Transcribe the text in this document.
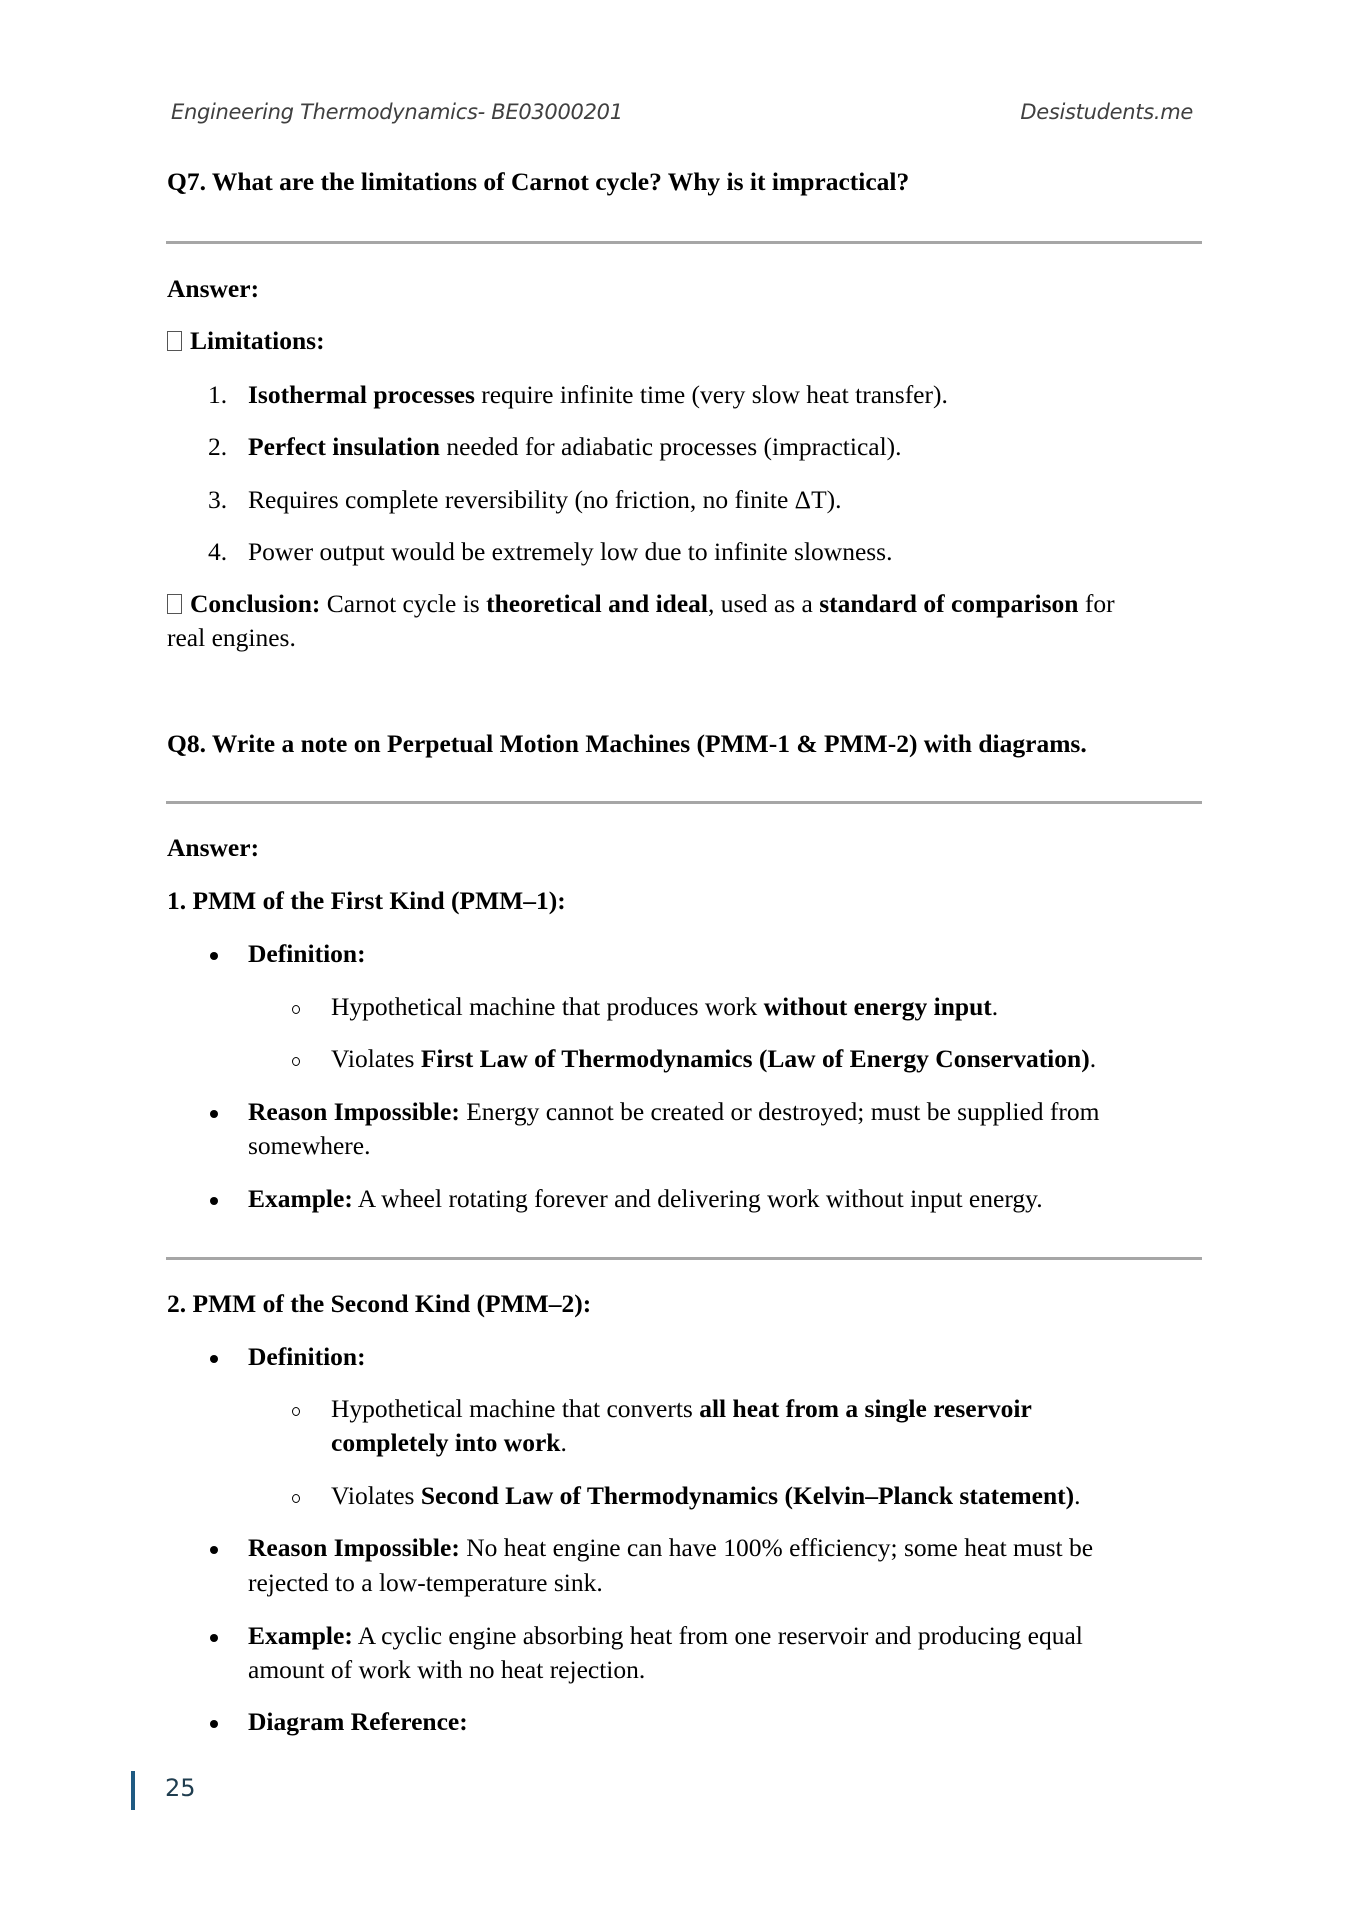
Engineering Thermodynamics- BE03000201	Desistudents.me
Q7. What are the limitations of Carnot cycle? Why is it impractical?
Answer:
Limitations:
1. Isothermal processes require infinite time (very slow heat transfer).
2. Perfect insulation needed for adiabatic processes (impractical).
3. Requires complete reversibility (no friction, no finite ΔT).
4. Power output would be extremely low due to infinite slowness.
Conclusion: Carnot cycle is theoretical and ideal, used as a standard of comparison for
real engines.
Q8. Write a note on Perpetual Motion Machines (PMM-1 & PMM-2) with diagrams.
Answer:
1. PMM of the First Kind (PMM–1):
Definition:
Hypothetical machine that produces work without energy input.
Violates First Law of Thermodynamics (Law of Energy Conservation).
Reason Impossible: Energy cannot be created or destroyed; must be supplied from
somewhere.
Example: A wheel rotating forever and delivering work without input energy.
2. PMM of the Second Kind (PMM–2):
Definition:
Hypothetical machine that converts all heat from a single reservoir
completely into work.
Violates Second Law of Thermodynamics (Kelvin–Planck statement).
Reason Impossible: No heat engine can have 100% efficiency; some heat must be
rejected to a low-temperature sink.
Example: A cyclic engine absorbing heat from one reservoir and producing equal
amount of work with no heat rejection.
Diagram Reference:
25
